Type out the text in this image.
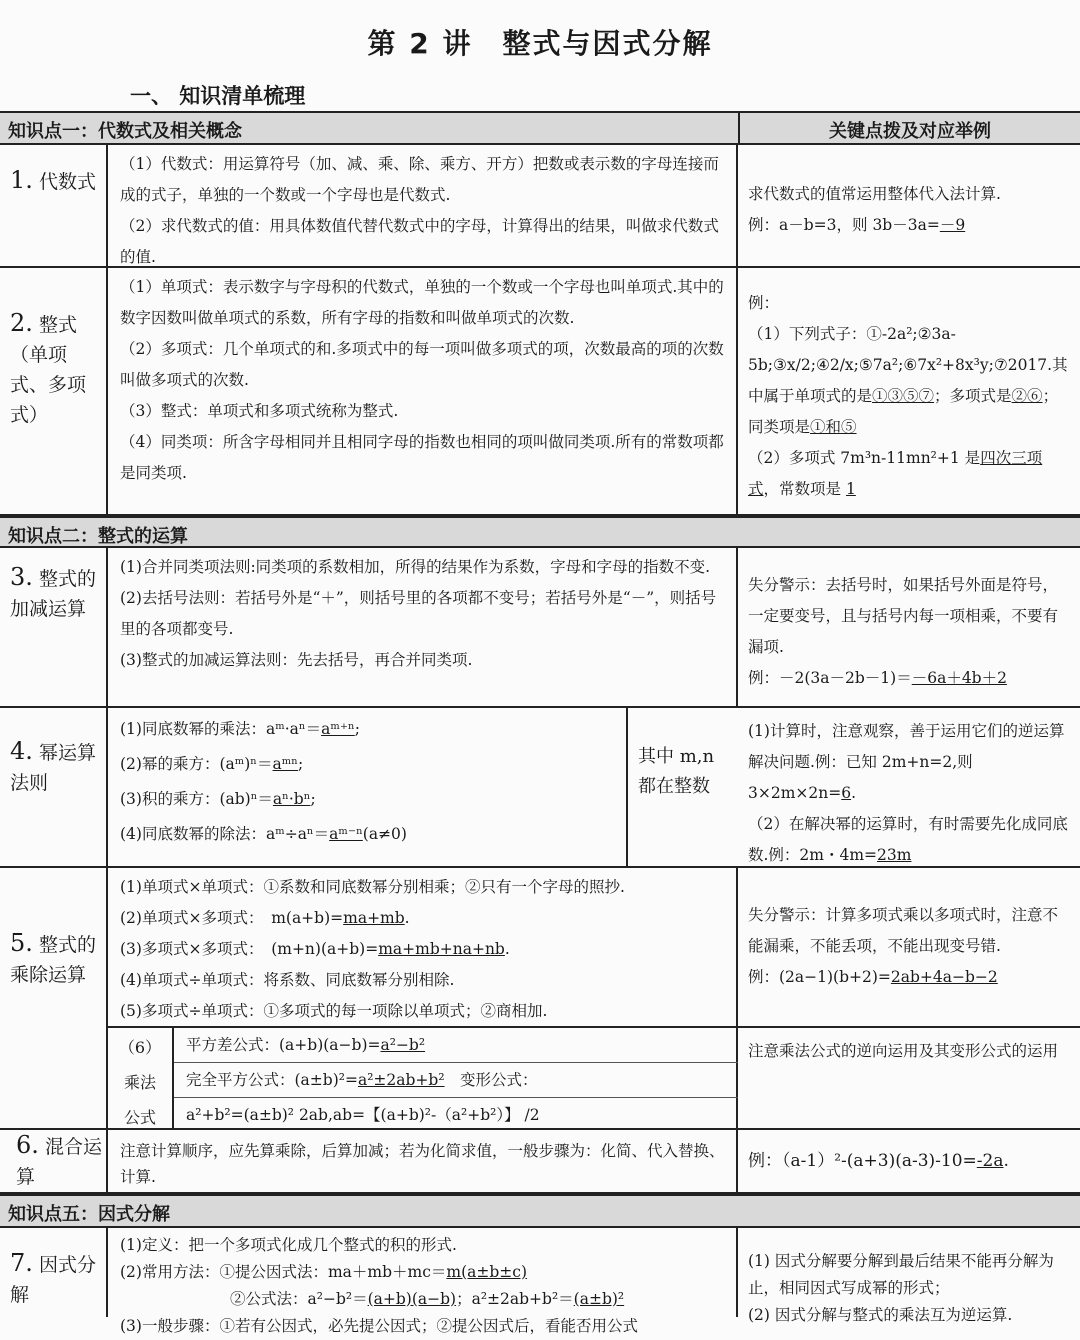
第 2 讲　整式与因式分解
一、 知识清单梳理
知识点一：代数式及相关概念	关键点拨及对应举例
1. 代数式

（1）代数式：用运算符号（加、减、乘、除、乘方、开方）把数或表示数的字母连接而成的式子，单独的一个数或一个字母也是代数式.

（2）求代数式的值：用具体数值代替代数式中的字母，计算得出的结果，叫做求代数式的值.

求代数式的值常运用整体代入法计算.

例：a－b=3，则 3b－3a=－9

2. 整式（单项式、多项式）

（1）单项式：表示数字与字母积的代数式，单独的一个数或一个字母也叫单项式.其中的数字因数叫做单项式的系数，所有字母的指数和叫做单项式的次数.

（2）多项式：几个单项式的和.多项式中的每一项叫做多项式的项，次数最高的项的次数叫做多项式的次数.

（3）整式：单项式和多项式统称为整式.

（4）同类项：所含字母相同并且相同字母的指数也相同的项叫做同类项.所有的常数项都是同类项.

例：

（1）下列式子：①-2a²;②3a-5b;③x/2;④2/x;⑤7a²;⑥7x²+8x³y;⑦2017.其中属于单项式的是①③⑤⑦；多项式是②⑥；同类项是①和⑤

（2）多项式 7m³n-11mn²+1 是四次三项式，常数项是 1

知识点二：整式的运算
3. 整式的加减运算

(1)合并同类项法则:同类项的系数相加，所得的结果作为系数，字母和字母的指数不变.

(2)去括号法则：若括号外是“＋”，则括号里的各项都不变号；若括号外是“－”，则括号里的各项都变号.

(3)整式的加减运算法则：先去括号，再合并同类项.

失分警示：去括号时，如果括号外面是符号，一定要变号，且与括号内每一项相乘，不要有漏项.

例：－2(3a－2b－1)＝－6a＋4b＋2

4. 幂运算法则

(1)同底数幂的乘法：aᵐ·aⁿ＝aᵐ⁺ⁿ;

(2)幂的乘方：(aᵐ)ⁿ＝aᵐⁿ;

(3)积的乘方：(ab)ⁿ＝aⁿ·bⁿ;

(4)同底数幂的除法：aᵐ÷aⁿ＝aᵐ⁻ⁿ(a≠0)

其中 m,n 都在整数

(1)计算时，注意观察，善于运用它们的逆运算解决问题.例：已知 2m+n=2,则 3×2m×2n=6.

（2）在解决幂的运算时，有时需要先化成同底数.例：2m・4m=23m

5. 整式的乘除运算

(1)单项式×单项式：①系数和同底数幂分别相乘；②只有一个字母的照抄.

(2)单项式×多项式：　m(a+b)=ma+mb.

(3)多项式×多项式：　(m+n)(a+b)=ma+mb+na+nb.

(4)单项式÷单项式：将系数、同底数幂分别相除.

(5)多项式÷单项式：①多项式的每一项除以单项式；②商相加.

（6）
乘法
公式
平方差公式：(a+b)(a−b)=a²−b²
完全平方公式：(a±b)²=a²±2ab+b²　变形公式：
a²+b²=(a±b)² 2ab,ab=【(a+b)²-（a²+b²）】 /2

失分警示：计算多项式乘以多项式时，注意不能漏乘，不能丢项，不能出现变号错.

例：(2a−1)(b+2)=2ab+4a−b−2

注意乘法公式的逆向运用及其变形公式的运用

6. 混合运算

注意计算顺序，应先算乘除，后算加减；若为化简求值，一般步骤为：化简、代入替换、计算.

例：（a-1）²-(a+3)(a-3)-10=-2a.

知识点五：因式分解
7. 因式分解

(1)定义：把一个多项式化成几个整式的积的形式.

(2)常用方法：①提公因式法：ma＋mb＋mc＝m(a±b±c)

②公式法：a²−b²＝(a+b)(a−b)；a²±2ab+b²＝(a±b)²

(3)一般步骤：①若有公因式，必先提公因式；②提公因式后，看能否用公式

(1) 因式分解要分解到最后结果不能再分解为止，相同因式写成幂的形式；

(2) 因式分解与整式的乘法互为逆运算.
